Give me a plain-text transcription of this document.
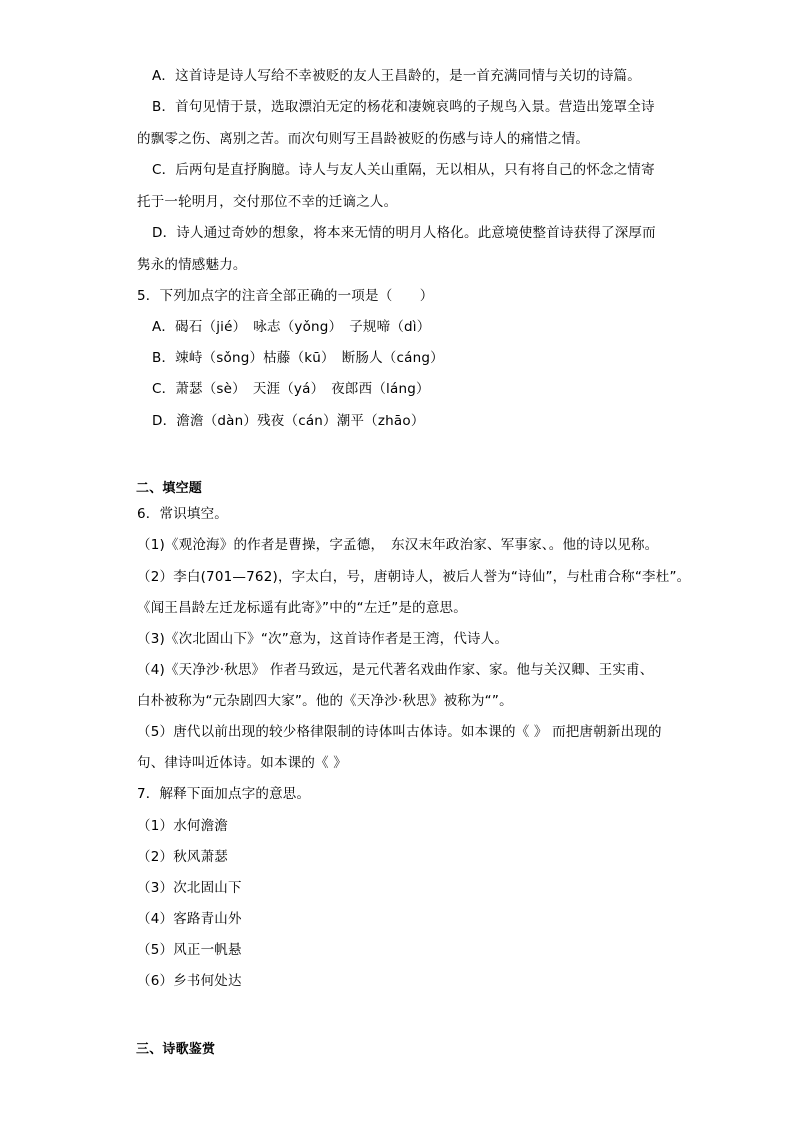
A．这首诗是诗人写给不幸被贬的友人王昌龄的，是一首充满同情与关切的诗篇。
B．首句见情于景，选取漂泊无定的杨花和凄婉哀鸣的子规鸟入景。营造出笼罩全诗
的飘零之伤、离别之苦。而次句则写王昌龄被贬的伤感与诗人的痛惜之情。
C．后两句是直抒胸臆。诗人与友人关山重隔，无以相从，只有将自己的怀念之情寄
托于一轮明月，交付那位不幸的迁谪之人。
D．诗人通过奇妙的想象，将本来无情的明月人格化。此意境使整首诗获得了深厚而
隽永的情感魅力。
5．下列加点字的注音全部正确的一项是（　　）
A．碣石（jié）　咏志（yǒng）　子规啼（dì）
B．竦峙（sǒng）枯藤（kū）　断肠人（cáng）
C．萧瑟（sè）　天涯（yá）　夜郎西（láng）
D．澹澹（dàn）残夜（cán）潮平（zhāo）
二、填空题
6．常识填空。
（1)《观沧海》的作者是曹操，字孟德，　东汉末年政治家、军事家、。他的诗以见称。
（2）李白(701—762)，字太白，号，唐朝诗人，被后人誉为“诗仙”，与杜甫合称“李杜”。
《闻王昌龄左迁龙标遥有此寄》”中的“左迁”是的意思。
（3)《次北固山下》“次”意为，这首诗作者是王湾，代诗人。
（4)《天净沙·秋思》 作者马致远，是元代著名戏曲作家、家。他与关汉卿、王实甫、
白朴被称为“元杂剧四大家”。他的《天净沙·秋思》被称为“”。
（5）唐代以前出现的较少格律限制的诗体叫古体诗。如本课的《 》 而把唐朝新出现的
句、律诗叫近体诗。如本课的《 》
7．解释下面加点字的意思。
（1）水何澹澹
（2）秋风萧瑟
（3）次北固山下
（4）客路青山外
（5）风正一帆悬
（6）乡书何处达
三、诗歌鉴赏
